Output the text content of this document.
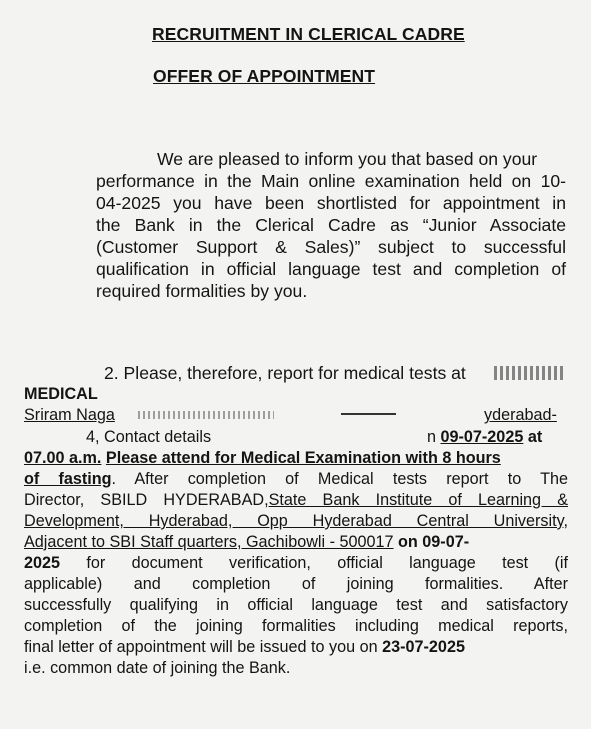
RECRUITMENT IN CLERICAL CADRE
OFFER OF APPOINTMENT
We are pleased to inform you that based on your
performance in the Main online examination held on 10-
04-2025 you have been shortlisted for appointment in
the Bank in the Clerical Cadre as “Junior Associate
(Customer Support & Sales)” subject to successful
qualification in official language test and completion of
required formalities by you.
2. Please, therefore, report for medical tests at
MEDICAL
Sriram Naga	yderabad-
4, Contact details	n 09-07-2025 at
07.00 a.m. Please attend for Medical Examination with 8 hours
of fasting. After completion of Medical tests report to The
Director, SBILD HYDERABAD,State Bank Institute of Learning &
Development, Hyderabad, Opp Hyderabad Central University,
Adjacent to SBI Staff quarters, Gachibowli - 500017 on 09-07-
2025 for document verification, official language test (if
applicable) and completion of joining formalities. After
successfully qualifying in official language test and satisfactory
completion of the joining formalities including medical reports,
final letter of appointment will be issued to you on 23-07-2025
i.e. common date of joining the Bank.
